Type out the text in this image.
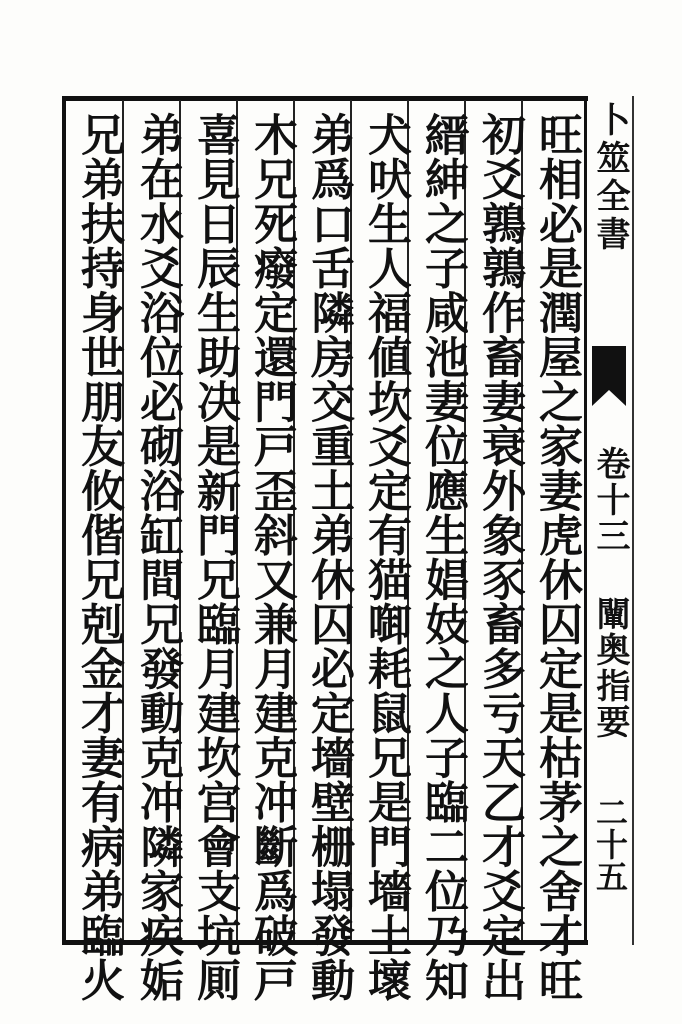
旺相必是潤屋之家妻虎休囚定是枯茅之舍才旺
初爻鶉鶉作畜妻衰外象豕畜多亏天乙才爻定出
縉紳之子咸池妻位應生娼妓之人子臨二位乃知
犬吠生人福値坎爻定有猫啣耗鼠兄是門墻土壞
弟爲口舌隣房交重土弟休囚必定墻壁栅塌發動
木兄死癈定還門戸歪斜又兼月建克冲斷爲破戸
喜見日辰生助决是新門兄臨月建坎宫會支坑厠
弟在水爻浴位必砌浴缸間兄發動克冲隣家疾姤
兄弟扶持身世朋友攸偕兄剋金才妻有病弟臨火	卜筮全書
卷十三 闡奥指要
二十五
